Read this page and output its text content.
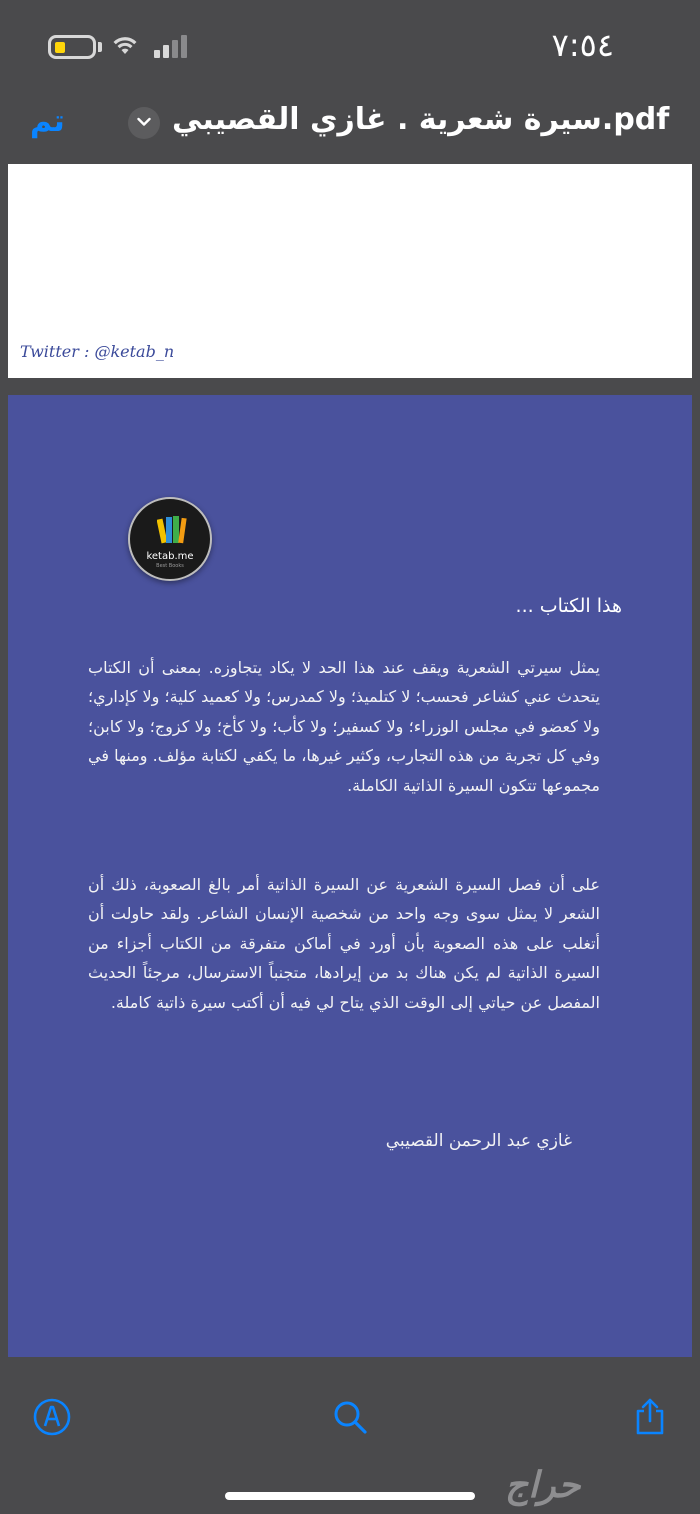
٧:٥٤
تم	سيرة شعرية . غازي القصيبي.pdf
Twitter : @ketab_n
ketab.me
Best Books
هذا الكتاب ...
يمثل سيرتي الشعرية ويقف عند هذا الحد لا يكاد يتجاوزه. بمعنى أن الكتاب يتحدث عني كشاعر فحسب؛ لا كتلميذ؛ ولا كمدرس؛ ولا كعميد كلية؛ ولا كإداري؛ ولا كعضو في مجلس الوزراء؛ ولا كسفير؛ ولا كأب؛ ولا كأخ؛ ولا كزوج؛ ولا كابن؛ وفي كل تجربة من هذه التجارب، وكثير غيرها، ما يكفي لكتابة مؤلف. ومنها في مجموعها تتكون السيرة الذاتية الكاملة.
على أن فصل السيرة الشعرية عن السيرة الذاتية أمر بالغ الصعوبة، ذلك أن الشعر لا يمثل سوى وجه واحد من شخصية الإنسان الشاعر. ولقد حاولت أن أتغلب على هذه الصعوبة بأن أورد في أماكن متفرقة من الكتاب أجزاء من السيرة الذاتية لم يكن هناك بد من إيرادها، متجنباً الاسترسال، مرجئاً الحديث المفصل عن حياتي إلى الوقت الذي يتاح لي فيه أن أكتب سيرة ذاتية كاملة.
غازي عبد الرحمن القصيبي
حراج
